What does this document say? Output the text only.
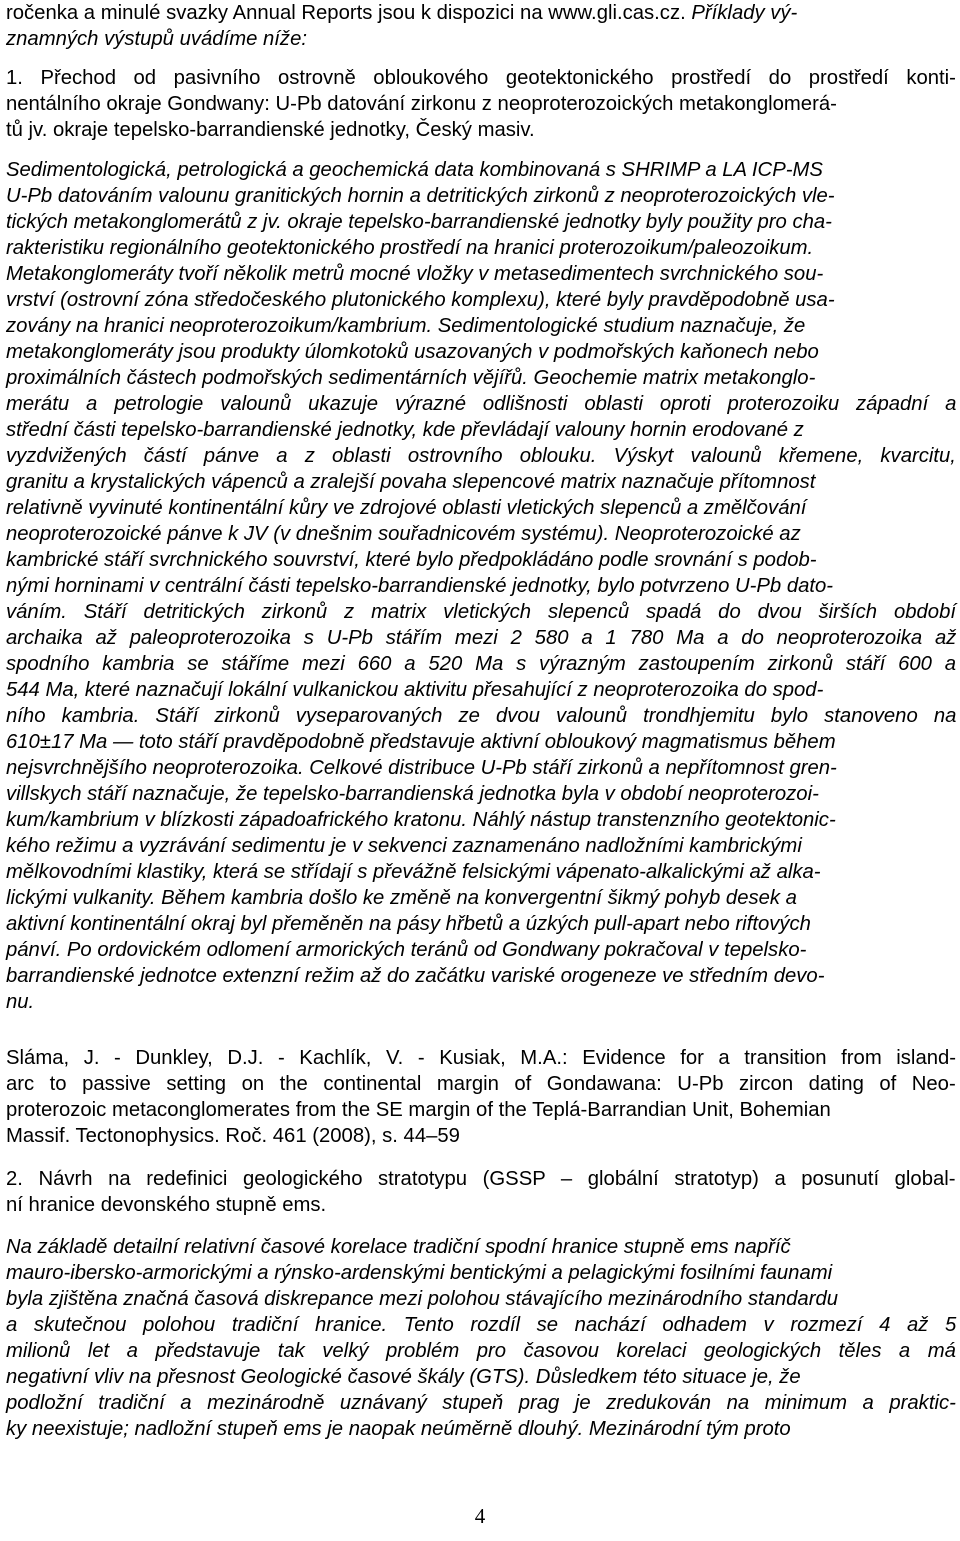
ročenka a minulé svazky Annual Reports jsou k dispozici na www.gli.cas.cz. Příklady vý-
znamných výstupů uvádíme níže:
1. Přechod od pasivního ostrovně obloukového geotektonického prostředí do prostředí konti-
nentálního okraje Gondwany: U-Pb datování zirkonu z neoproterozoických metakonglomerá-
tů jv. okraje tepelsko-barrandienské jednotky, Český masiv.
Sedimentologická, petrologická a geochemická data kombinovaná s SHRIMP a LA ICP-MS
U-Pb datováním valounu granitických hornin a detritických zirkonů z neoproterozoických vle-
tických metakonglomerátů z jv. okraje tepelsko-barrandienské jednotky byly použity pro cha-
rakteristiku regionálního geotektonického prostředí na hranici proterozoikum/paleozoikum.
Metakonglomeráty tvoří několik metrů mocné vložky v metasedimentech svrchnického sou-
vrství (ostrovní zóna středočeského plutonického komplexu), které byly pravděpodobně usa-
zovány na hranici neoproterozoikum/kambrium. Sedimentologické studium naznačuje, že
metakonglomeráty jsou produkty úlomkotoků usazovaných v podmořských kaňonech nebo
proximálních částech podmořských sedimentárních vějířů. Geochemie matrix metakonglo-
merátu a petrologie valounů ukazuje výrazné odlišnosti oblasti oproti proterozoiku západní a
střední části tepelsko-barrandienské jednotky, kde převládají valouny hornin erodované z
vyzdvižených částí pánve a z oblasti ostrovního oblouku. Výskyt valounů křemene, kvarcitu,
granitu a krystalických vápenců a zralejší povaha slepencové matrix naznačuje přítomnost
relativně vyvinuté kontinentální kůry ve zdrojové oblasti vletických slepenců a změlčování
neoproterozoické pánve k JV (v dnešnim souřadnicovém systému). Neoproterozoické az
kambrické stáří svrchnického souvrství, které bylo předpokládáno podle srovnání s podob-
nými horninami v centrální části tepelsko-barrandienské jednotky, bylo potvrzeno U-Pb dato-
váním. Stáří detritických zirkonů z matrix vletických slepenců spadá do dvou širších období
archaika až paleoproterozoika s U-Pb stářím mezi 2 580 a 1 780 Ma a do neoproterozoika až
spodního kambria se stáříme mezi 660 a 520 Ma s výrazným zastoupením zirkonů stáří 600 a
544 Ma, které naznačují lokální vulkanickou aktivitu přesahující z neoproterozoika do spod-
ního kambria. Stáří zirkonů vyseparovaných ze dvou valounů trondhjemitu bylo stanoveno na
610±17 Ma — toto stáří pravděpodobně představuje aktivní obloukový magmatismus během
nejsvrchnějšího neoproterozoika. Celkové distribuce U-Pb stáří zirkonů a nepřítomnost gren-
villskych stáří naznačuje, že tepelsko-barrandienská jednotka byla v období neoproterozoi-
kum/kambrium v blízkosti západoafrického kratonu. Náhlý nástup transtenzního geotektonic-
kého režimu a vyzrávání sedimentu je v sekvenci zaznamenáno nadložními kambrickými
mělkovodními klastiky, která se střídají s převážně felsickými vápenato-alkalickými až alka-
lickými vulkanity. Během kambria došlo ke změně na konvergentní šikmý pohyb desek a
aktivní kontinentální okraj byl přeměněn na pásy hřbetů a úzkých pull-apart nebo riftových
pánví. Po ordovickém odlomení armorických teránů od Gondwany pokračoval v tepelsko-
barrandienské jednotce extenzní režim až do začátku variské orogeneze ve středním devo-
nu.
Sláma, J. - Dunkley, D.J. - Kachlík, V. - Kusiak, M.A.: Evidence for a transition from island-
arc to passive setting on the continental margin of Gondawana: U-Pb zircon dating of Neo-
proterozoic metaconglomerates from the SE margin of the Teplá-Barrandian Unit, Bohemian
Massif. Tectonophysics. Roč. 461 (2008), s. 44–59
2. Návrh na redefinici geologického stratotypu (GSSP – globální stratotyp) a posunutí global-
ní hranice devonského stupně ems.
Na základě detailní relativní časové korelace tradiční spodní hranice stupně ems napříč
mauro-ibersko-armorickými a rýnsko-ardenskými bentickými a pelagickými fosilními faunami
byla zjištěna značná časová diskrepance mezi polohou stávajícího mezinárodního standardu
a skutečnou polohou tradiční hranice. Tento rozdíl se nachází odhadem v rozmezí 4 až 5
milionů let a představuje tak velký problém pro časovou korelaci geologických těles a má
negativní vliv na přesnost Geologické časové škály (GTS). Důsledkem této situace je, že
podložní tradiční a mezinárodně uznávaný stupeň prag je zredukován na minimum a praktic-
ky neexistuje; nadložní stupeň ems je naopak neúměrně dlouhý. Mezinárodní tým proto
4
